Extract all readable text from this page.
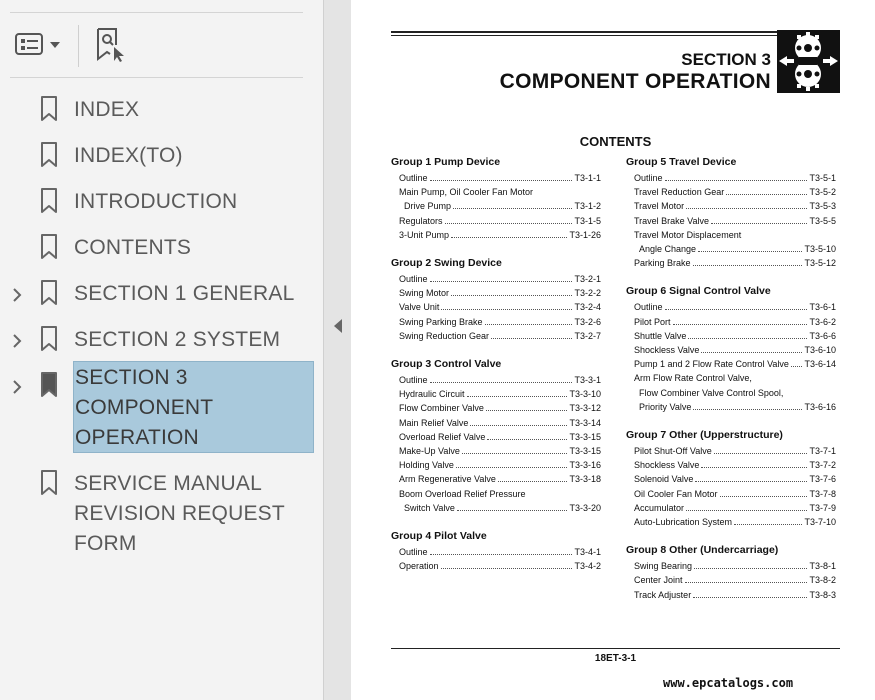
INDEX
INDEX(TO)
INTRODUCTION
CONTENTS
SECTION 1 GENERAL
SECTION 2 SYSTEM
SECTION 3
COMPONENT
OPERATION
SERVICE MANUAL
REVISION REQUEST
FORM
SECTION 3
COMPONENT OPERATION
CONTENTS
Group 1 Pump Device
Outline	T3-1-1
Main Pump, Oil Cooler Fan Motor
Drive Pump	T3-1-2
Regulators	T3-1-5
3-Unit Pump	T3-1-26
Group 2 Swing Device
Outline	T3-2-1
Swing Motor	T3-2-2
Valve Unit	T3-2-4
Swing Parking Brake	T3-2-6
Swing Reduction Gear	T3-2-7
Group 3 Control Valve
Outline	T3-3-1
Hydraulic Circuit	T3-3-10
Flow Combiner Valve	T3-3-12
Main Relief Valve	T3-3-14
Overload Relief Valve	T3-3-15
Make-Up Valve	T3-3-15
Holding Valve	T3-3-16
Arm Regenerative Valve	T3-3-18
Boom Overload Relief Pressure
Switch Valve	T3-3-20
Group 4 Pilot Valve
Outline	T3-4-1
Operation	T3-4-2
Group 5 Travel Device
Outline	T3-5-1
Travel Reduction Gear	T3-5-2
Travel Motor	T3-5-3
Travel Brake Valve	T3-5-5
Travel Motor Displacement
Angle Change	T3-5-10
Parking Brake	T3-5-12
Group 6 Signal Control Valve
Outline	T3-6-1
Pilot Port	T3-6-2
Shuttle Valve	T3-6-6
Shockless Valve	T3-6-10
Pump 1 and 2 Flow Rate Control Valve T3-6-14
Arm Flow Rate Control Valve,
Flow Combiner Valve Control Spool,
Priority Valve	T3-6-16
Group 7 Other (Upperstructure)
Pilot Shut-Off Valve	T3-7-1
Shockless Valve	T3-7-2
Solenoid Valve	T3-7-6
Oil Cooler Fan Motor	T3-7-8
Accumulator	T3-7-9
Auto-Lubrication System	T3-7-10
Group 8 Other (Undercarriage)
Swing Bearing	T3-8-1
Center Joint	T3-8-2
Track Adjuster	T3-8-3
18ET-3-1
www.epcatalogs.com
